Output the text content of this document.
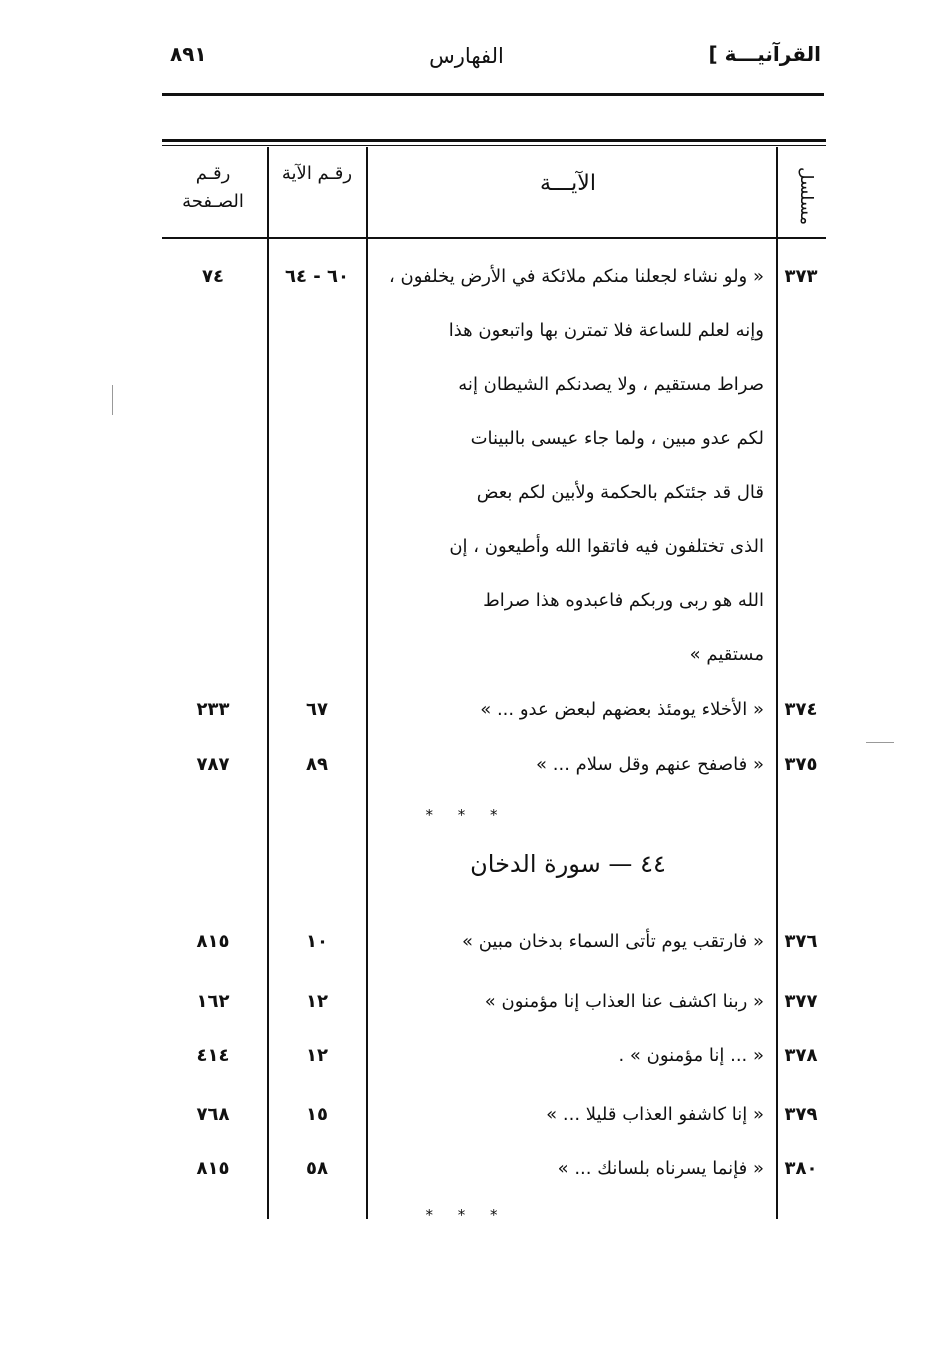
٨٩١	الفهارس	القرآنيـــة ]
مسلسل
الآيـــة
رقـم الآية
رقـم الصـفحة
٣٧٣
« ولو نشاء لجعلنا منكم ملائكة في الأرض يخلفون ،
٦٠ - ٦٤
٧٤
وإنه لعلم للساعة فلا تمترن بها واتبعون هذا
صراط مستقيم ، ولا يصدنكم الشيطان إنه
لكم عدو مبين ، ولما جاء عيسى بالبينات
قال قد جئتكم بالحكمة ولأبين لكم بعض
الذى تختلفون فيه فاتقوا الله وأطيعون ، إن
الله هو ربى وربكم فاعبدوه هذا صراط
مستقيم »
٣٧٤
« الأخلاء يومئذ بعضهم لبعض عدو ... »
٦٧
٢٣٣
٣٧٥
« فاصفح عنهم وقل سلام ... »
٨٩
٧٨٧
* * *
٤٤ — سورة الدخان
٣٧٦
« فارتقب يوم تأتى السماء بدخان مبين »
١٠
٨١٥
٣٧٧
« ربنا اكشف عنا العذاب إنا مؤمنون »
١٢
١٦٢
٣٧٨
« ... إنا مؤمنون » .
١٢
٤١٤
٣٧٩
« إنا كاشفو العذاب قليلا ... »
١٥
٧٦٨
٣٨٠
« فإنما يسرناه بلسانك ... »
٥٨
٨١٥
* * *
